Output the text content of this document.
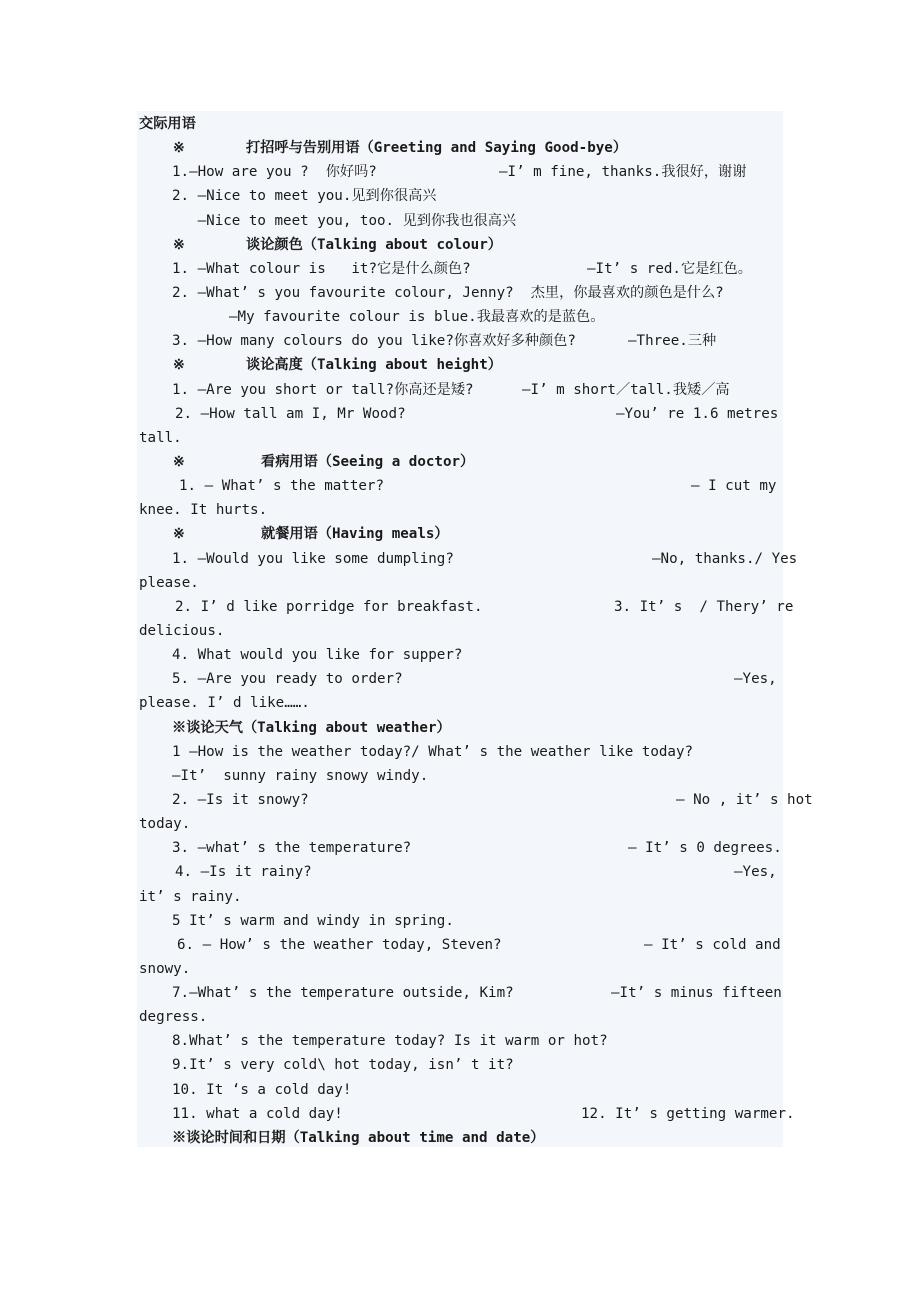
交际用语
※	打招呼与告别用语（Greeting and Saying Good-bye）
1.—How are you ?  你好吗?	—I’ m fine, thanks.我很好，谢谢
2. —Nice to meet you.见到你很高兴
—Nice to meet you, too. 见到你我也很高兴
※	谈论颜色（Talking about colour）
1. —What colour is   it?它是什么颜色?	—It’ s red.它是红色。
2. —What’ s you favourite colour, Jenny?  杰里，你最喜欢的颜色是什么?
—My favourite colour is blue.我最喜欢的是蓝色。
3. —How many colours do you like?你喜欢好多种颜色?	—Three.三种
※	谈论高度（Talking about height）
1. —Are you short or tall?你高还是矮?	—I’ m short／tall.我矮／高
2. —How tall am I, Mr Wood?	—You’ re 1.6 metres
tall.
※	看病用语（Seeing a doctor）
1. — What’ s the matter?	— I cut my
knee. It hurts.
※	就餐用语（Having meals）
1. —Would you like some dumpling?	—No, thanks./ Yes
please.
2. I’ d like porridge for breakfast.	3. It’ s  / Thery’ re
delicious.
4. What would you like for supper?
5. —Are you ready to order?	—Yes,
please. I’ d like…….
※谈论天气（Talking about weather）
1 —How is the weather today?/ What’ s the weather like today?
—It’  sunny rainy snowy windy.
2. —Is it snowy?	— No , it’ s hot
today.
3. —what’ s the temperature?	— It’ s 0 degrees.
4. —Is it rainy?	—Yes,
it’ s rainy.
5 It’ s warm and windy in spring.
6. — How’ s the weather today, Steven?	— It’ s cold and
snowy.
7.—What’ s the temperature outside, Kim?	—It’ s minus fifteen
degress.
8.What’ s the temperature today? Is it warm or hot?
9.It’ s very cold\ hot today, isn’ t it?
10. It ‘s a cold day!
11. what a cold day!	12. It’ s getting warmer.
※谈论时间和日期（Talking about time and date）
